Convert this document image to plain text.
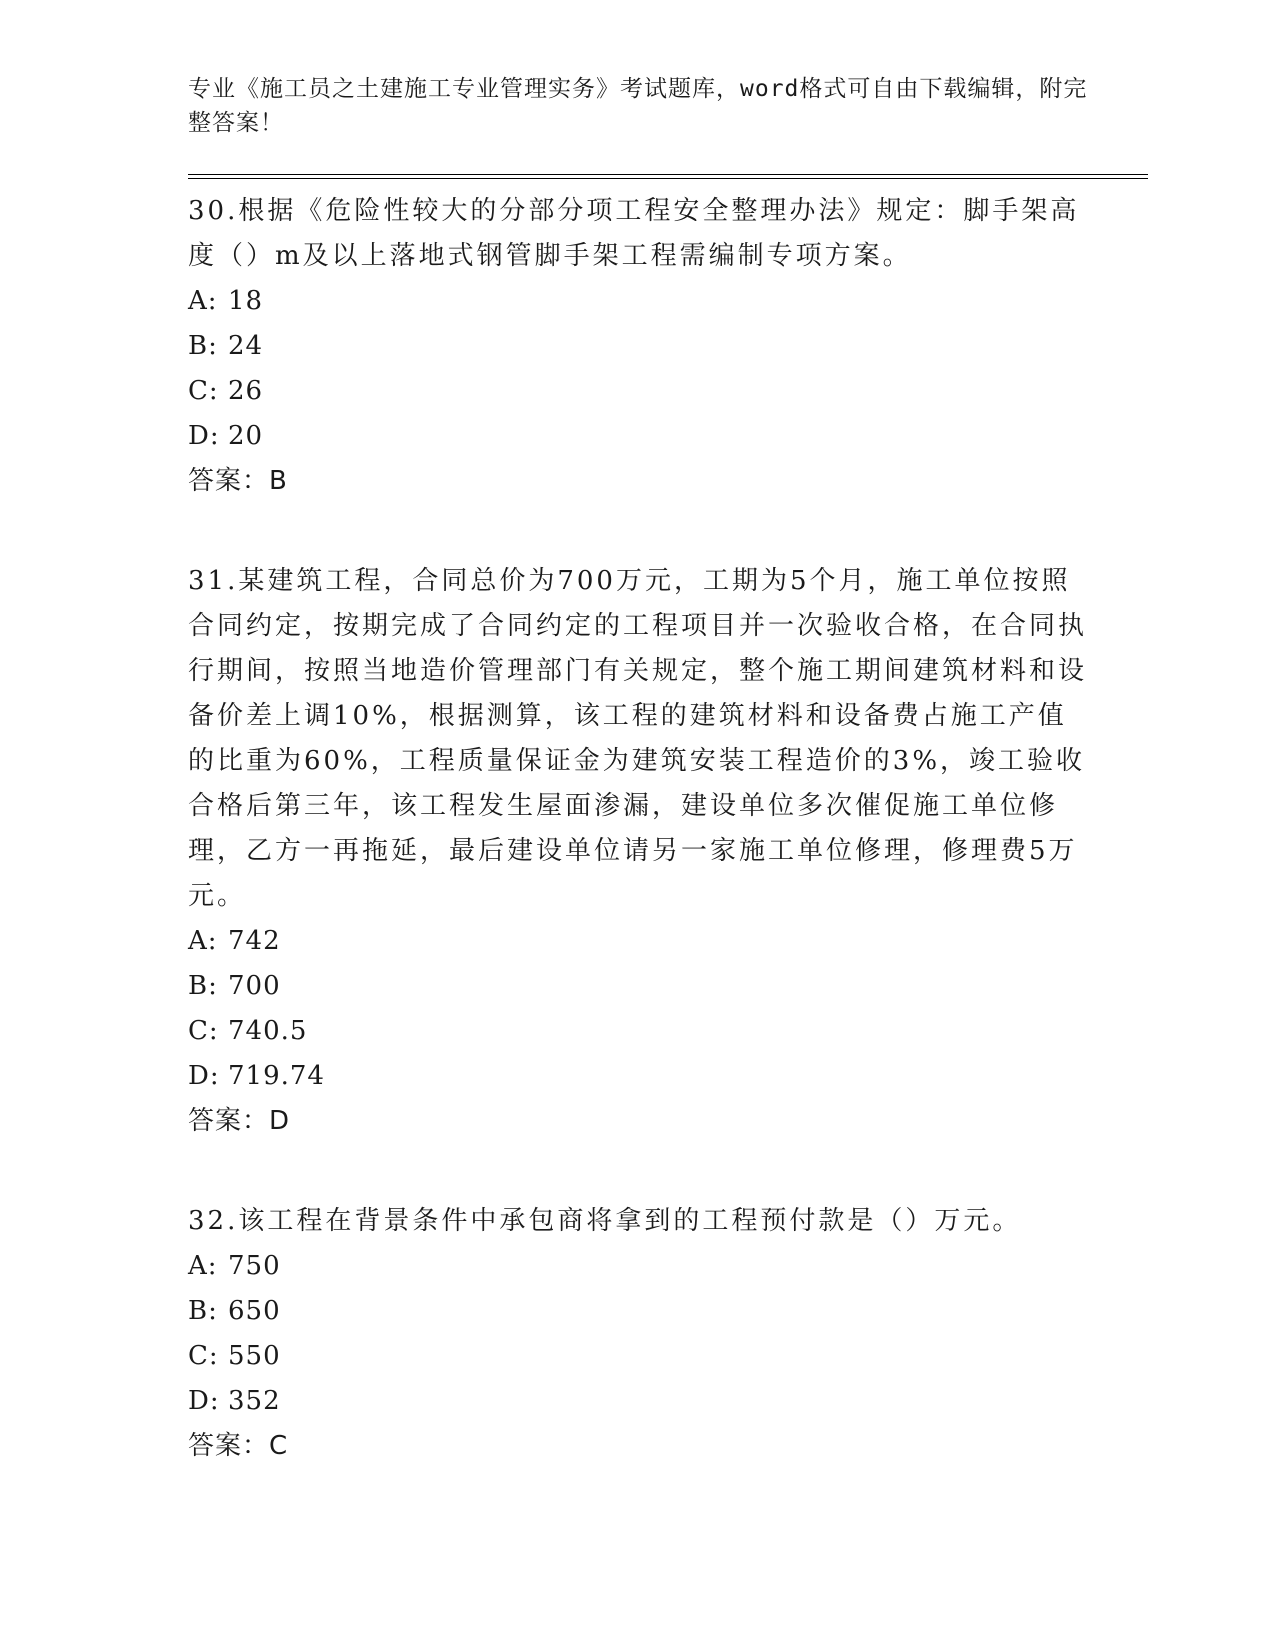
专业《施工员之土建施工专业管理实务》考试题库，word格式可自由下载编辑，附完整答案！
30.根据《危险性较大的分部分项工程安全整理办法》规定：脚手架高度（）m及以上落地式钢管脚手架工程需编制专项方案。
A: 18
B: 24
C: 26
D: 20
答案：B
31.某建筑工程，合同总价为700万元，工期为5个月，施工单位按照合同约定，按期完成了合同约定的工程项目并一次验收合格，在合同执行期间，按照当地造价管理部门有关规定，整个施工期间建筑材料和设备价差上调10%，根据测算，该工程的建筑材料和设备费占施工产值的比重为60%，工程质量保证金为建筑安装工程造价的3%，竣工验收合格后第三年，该工程发生屋面渗漏，建设单位多次催促施工单位修理，乙方一再拖延，最后建设单位请另一家施工单位修理，修理费5万元。
A: 742
B: 700
C: 740.5
D: 719.74
答案：D
32.该工程在背景条件中承包商将拿到的工程预付款是（）万元。
A: 750
B: 650
C: 550
D: 352
答案：C
